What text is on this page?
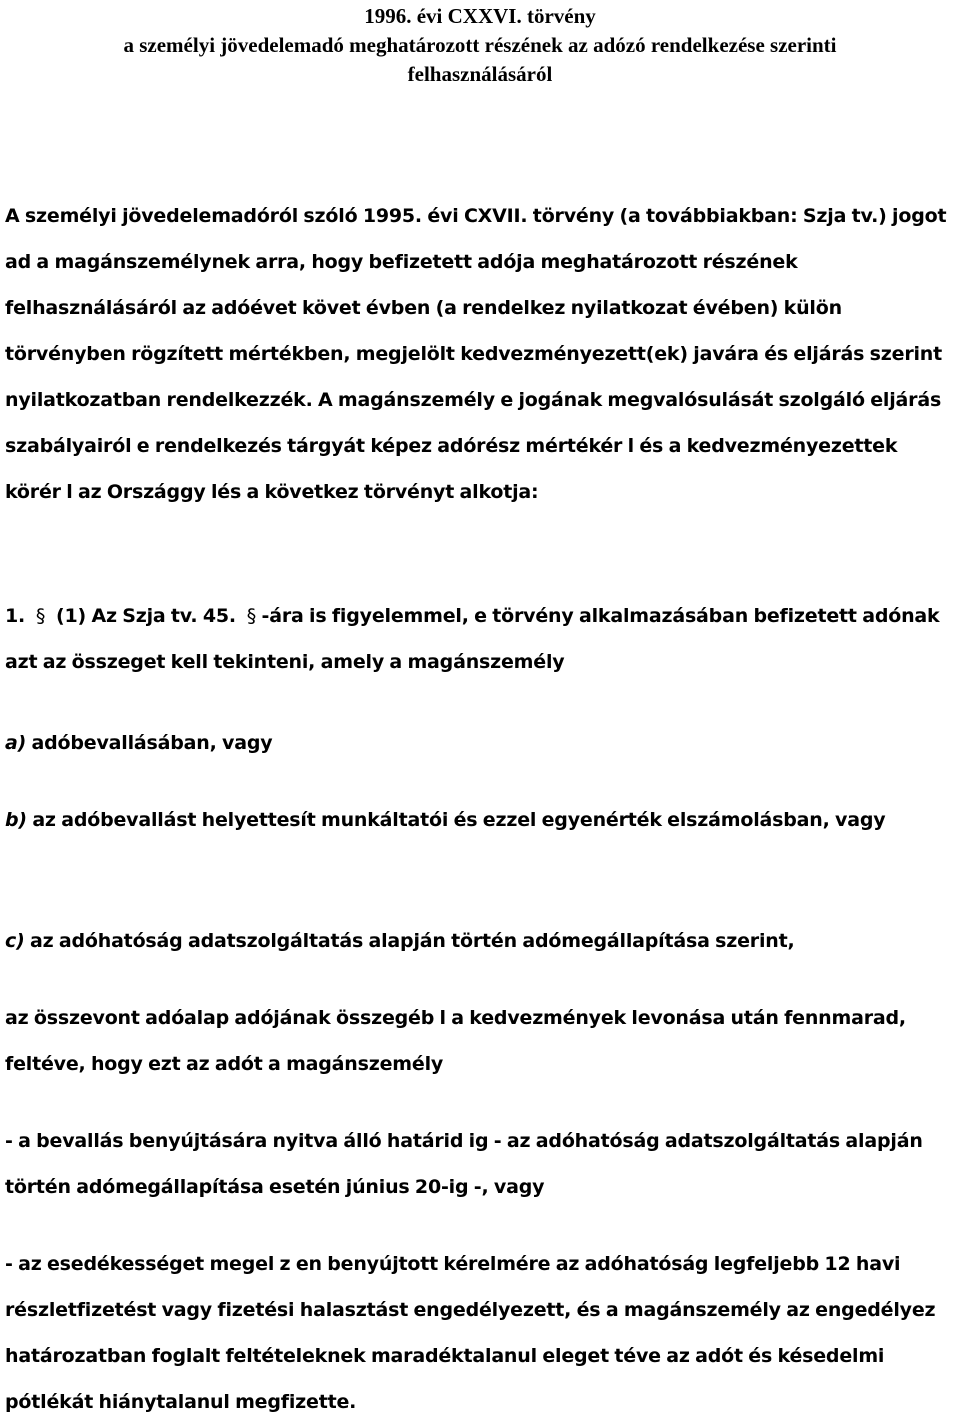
1996. évi CXXVI. törvény
a személyi jövedelemadó meghatározott részének az adózó rendelkezése szerinti
felhasználásáról

A személyi jövedelemadóról szóló 1995. évi CXVII. törvény (a továbbiakban: Szja tv.) jogot ad a magánszemélynek arra, hogy befizetett adója meghatározott részének felhasználásáról az adóévet követ évben (a rendelkez nyilatkozat évében) külön törvényben rögzített mértékben, megjelölt kedvezményezett(ek) javára és eljárás szerint nyilatkozatban rendelkezzék. A magánszemély e jogának megvalósulását szolgáló eljárás szabályairól e rendelkezés tárgyát képez adórész mértékér l és a kedvezményezettek körér l az Országgy lés a következ törvényt alkotja:

1. § (1) Az Szja tv. 45. § -ára is figyelemmel, e törvény alkalmazásában befizetett adónak azt az összeget kell tekinteni, amely a magánszemély

a) adóbevallásában, vagy

b) az adóbevallást helyettesít munkáltatói és ezzel egyenérték elszámolásban, vagy

c) az adóhatóság adatszolgáltatás alapján történ adómegállapítása szerint,

az összevont adóalap adójának összegéb l a kedvezmények levonása után fennmarad, feltéve, hogy ezt az adót a magánszemély

- a bevallás benyújtására nyitva álló határid ig - az adóhatóság adatszolgáltatás alapján történ adómegállapítása esetén június 20-ig -, vagy

- az esedékességet megel z en benyújtott kérelmére az adóhatóság legfeljebb 12 havi részletfizetést vagy fizetési halasztást engedélyezett, és a magánszemély az engedélyez határozatban foglalt feltételeknek maradéktalanul eleget téve az adót és késedelmi pótlékát hiánytalanul megfizette.
